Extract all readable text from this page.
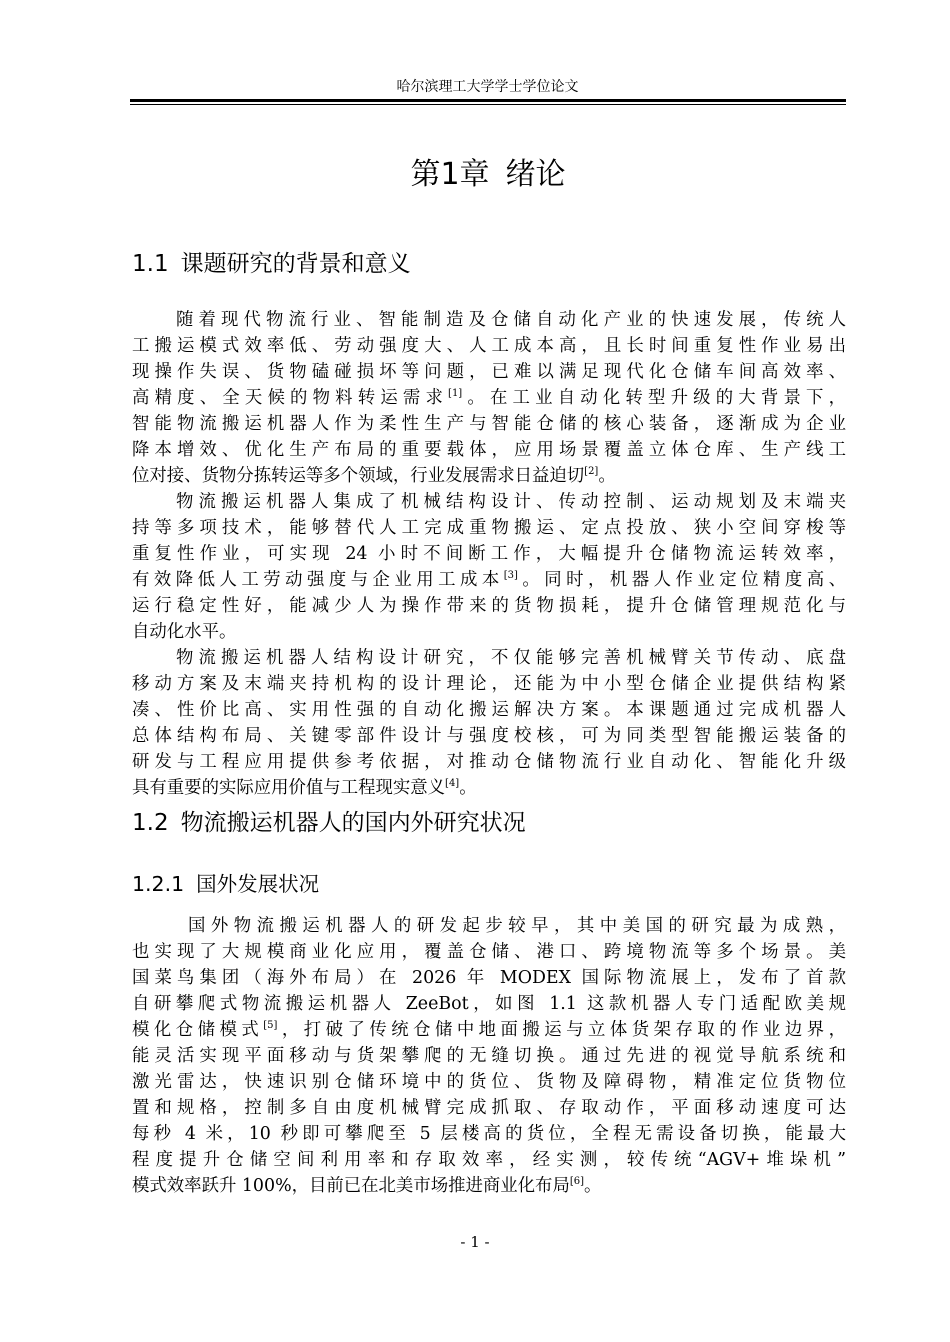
哈尔滨理工大学学士学位论文
第1章 绪论
1.1 课题研究的背景和意义
随着现代物流行业、智能制造及仓储自动化产业的快速发展，传统人
工搬运模式效率低、劳动强度大、人工成本高，且长时间重复性作业易出
现操作失误、货物磕碰损坏等问题，已难以满足现代化仓储车间高效率、
高精度、全天候的物料转运需求[1]。在工业自动化转型升级的大背景下，
智能物流搬运机器人作为柔性生产与智能仓储的核心装备，逐渐成为企业
降本增效、优化生产布局的重要载体，应用场景覆盖立体仓库、生产线工
位对接、货物分拣转运等多个领域，行业发展需求日益迫切[2]。
物流搬运机器人集成了机械结构设计、传动控制、运动规划及末端夹
持等多项技术，能够替代人工完成重物搬运、定点投放、狭小空间穿梭等
重复性作业，可实现 24 小时不间断工作，大幅提升仓储物流运转效率，
有效降低人工劳动强度与企业用工成本[3]。同时，机器人作业定位精度高、
运行稳定性好，能减少人为操作带来的货物损耗，提升仓储管理规范化与
自动化水平。
物流搬运机器人结构设计研究，不仅能够完善机械臂关节传动、底盘
移动方案及末端夹持机构的设计理论，还能为中小型仓储企业提供结构紧
凑、性价比高、实用性强的自动化搬运解决方案。本课题通过完成机器人
总体结构布局、关键零部件设计与强度校核，可为同类型智能搬运装备的
研发与工程应用提供参考依据，对推动仓储物流行业自动化、智能化升级
具有重要的实际应用价值与工程现实意义[4]。
1.2 物流搬运机器人的国内外研究状况
1.2.1 国外发展状况
国外物流搬运机器人的研发起步较早，其中美国的研究最为成熟，
也实现了大规模商业化应用，覆盖仓储、港口、跨境物流等多个场景。美
国菜鸟集团（海外布局）在 2026 年 MODEX 国际物流展上，发布了首款
自研攀爬式物流搬运机器人 ZeeBot，如图 1.1 这款机器人专门适配欧美规
模化仓储模式[5]，打破了传统仓储中地面搬运与立体货架存取的作业边界，
能灵活实现平面移动与货架攀爬的无缝切换。通过先进的视觉导航系统和
激光雷达，快速识别仓储环境中的货位、货物及障碍物，精准定位货物位
置和规格，控制多自由度机械臂完成抓取、存取动作，平面移动速度可达
每秒 4 米，10 秒即可攀爬至 5 层楼高的货位，全程无需设备切换，能最大
程度提升仓储空间利用率和存取效率，经实测，较传统“AGV+堆垛机”
模式效率跃升 100%，目前已在北美市场推进商业化布局[6]。
- 1 -
